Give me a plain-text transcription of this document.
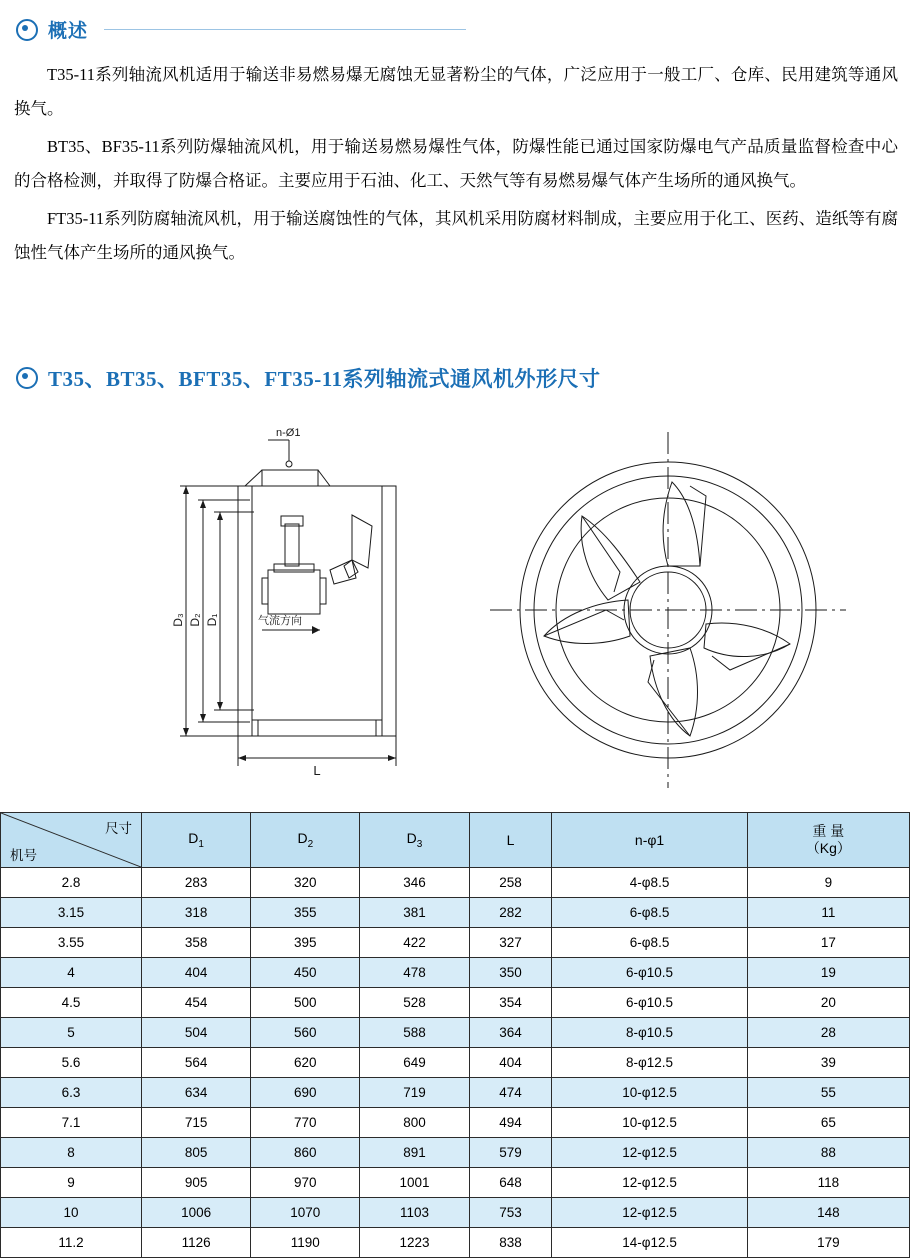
概述

T35-11系列轴流风机适用于输送非易燃易爆无腐蚀无显著粉尘的气体，广泛应用于一般工厂、仓库、民用建筑等通风换气。

BT35、BF35-11系列防爆轴流风机，用于输送易燃易爆性气体，防爆性能已通过国家防爆电气产品质量监督检查中心的合格检测，并取得了防爆合格证。主要应用于石油、化工、天然气等有易燃易爆气体产生场所的通风换气。

FT35-11系列防腐轴流风机，用于输送腐蚀性的气体，其风机采用防腐材料制成，主要应用于化工、医药、造纸等有腐蚀性气体产生场所的通风换气。

T35、BT35、BFT35、FT35-11系列轴流式通风机外形尺寸
n-Ø1
D₃ D₂ D₁
L
气流方向
尺寸
机号
	$D_1$	$D_2$	$D_3$	L	n-φ1	
重 量
（Kg）

2.8	283	320	346	258	4-φ8.5	9
3.15	318	355	381	282	6-φ8.5	11
3.55	358	395	422	327	6-φ8.5	17
4	404	450	478	350	6-φ10.5	19
4.5	454	500	528	354	6-φ10.5	20
5	504	560	588	364	8-φ10.5	28
5.6	564	620	649	404	8-φ12.5	39
6.3	634	690	719	474	10-φ12.5	55
7.1	715	770	800	494	10-φ12.5	65
8	805	860	891	579	12-φ12.5	88
9	905	970	1001	648	12-φ12.5	118
10	1006	1070	1103	753	12-φ12.5	148
11.2	1126	1190	1223	838	14-φ12.5	179
